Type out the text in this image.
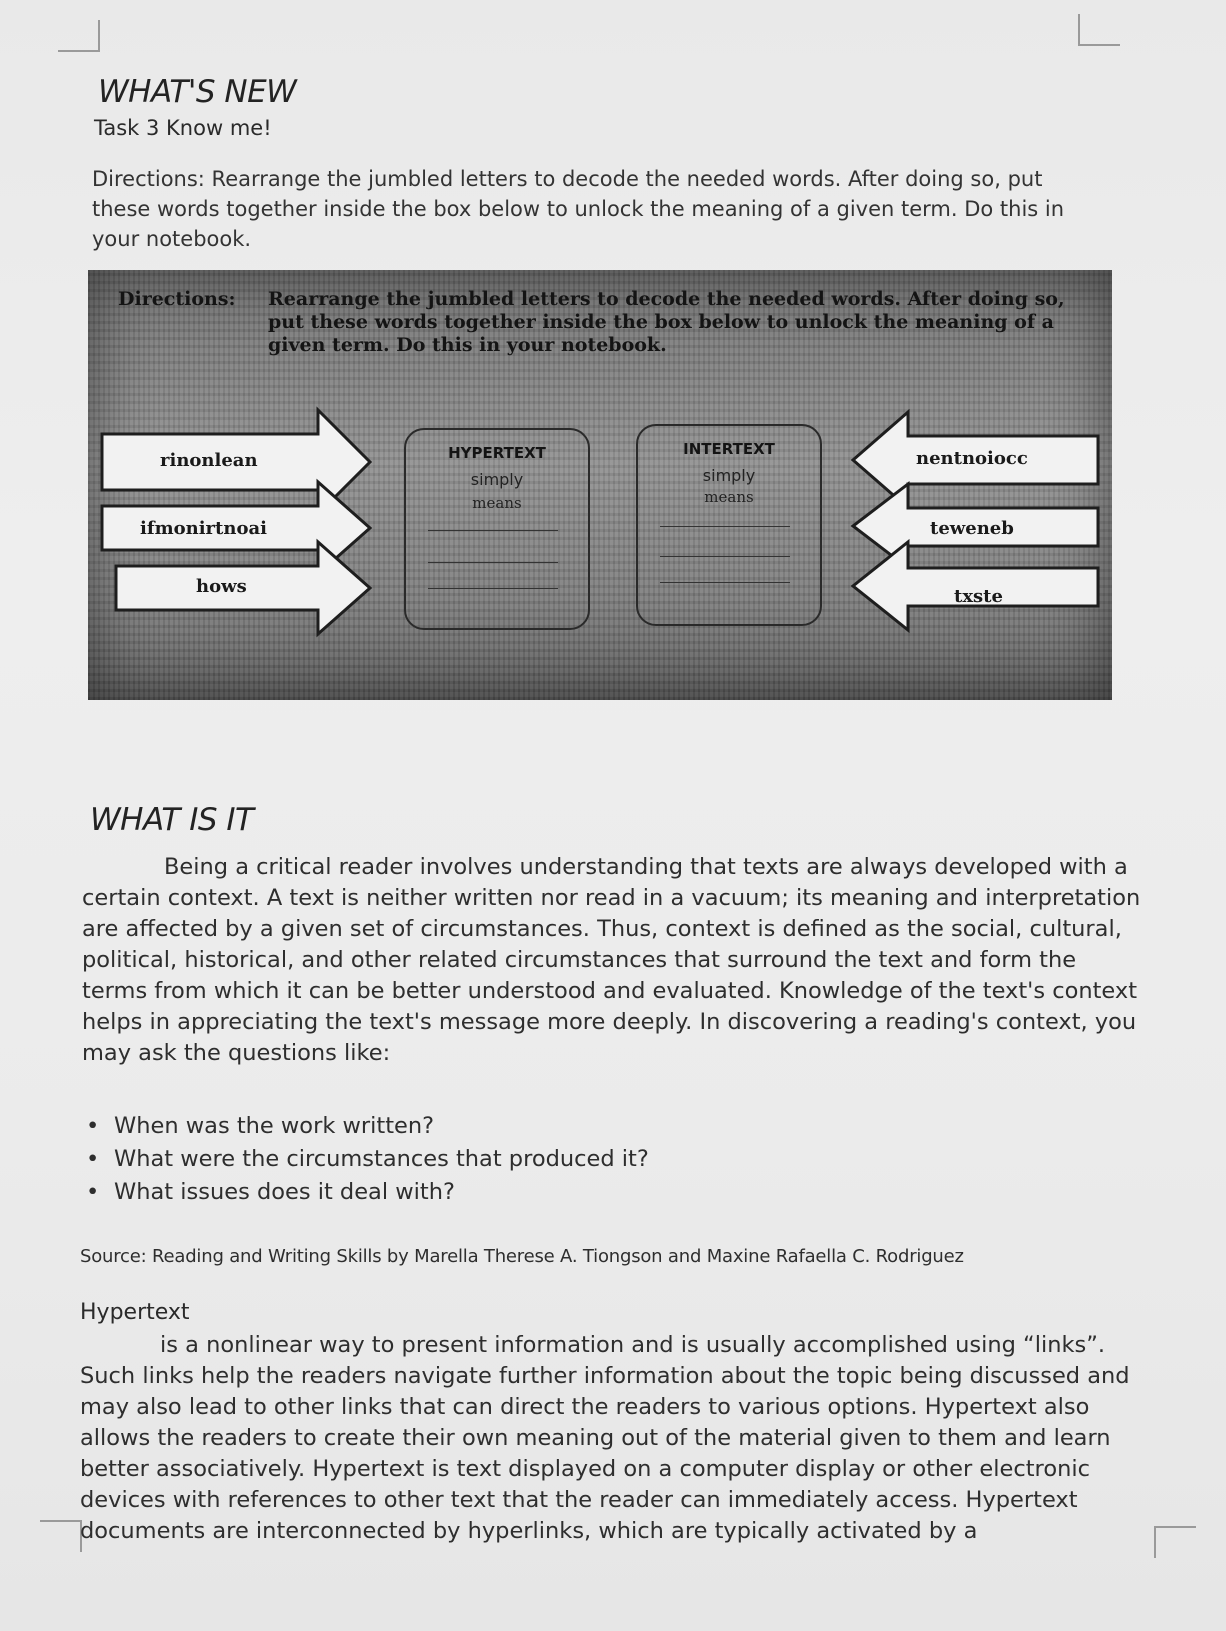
WHAT'S NEW
Task 3 Know me!
Directions: Rearrange the jumbled letters to decode the needed words. After doing so, put these words together inside the box below to unlock the meaning of a given term. Do this in your notebook.
Directions: Rearrange the jumbled letters to decode the needed words. After doing so, put these words together inside the box below to unlock the meaning of a given term. Do this in your notebook.
rinonlean
ifmonirtnoai
hows
nentnoiocc
teweneb
txste
HYPERTEXT
simply
means
INTERTEXT
simply
means
WHAT IS IT
Being a critical reader involves understanding that texts are always developed with a certain context. A text is neither written nor read in a vacuum; its meaning and interpretation are affected by a given set of circumstances. Thus, context is defined as the social, cultural, political, historical, and other related circumstances that surround the text and form the terms from which it can be better understood and evaluated. Knowledge of the text's context helps in appreciating the text's message more deeply. In discovering a reading's context, you may ask the questions like:
• When was the work written?
• What were the circumstances that produced it?
• What issues does it deal with?
Source: Reading and Writing Skills by Marella Therese A. Tiongson and Maxine Rafaella C. Rodriguez
Hypertext
is a nonlinear way to present information and is usually accomplished using “links”. Such links help the readers navigate further information about the topic being discussed and may also lead to other links that can direct the readers to various options. Hypertext also allows the readers to create their own meaning out of the material given to them and learn better associatively. Hypertext is text displayed on a computer display or other electronic devices with references to other text that the reader can immediately access. Hypertext documents are interconnected by hyperlinks, which are typically activated by a
